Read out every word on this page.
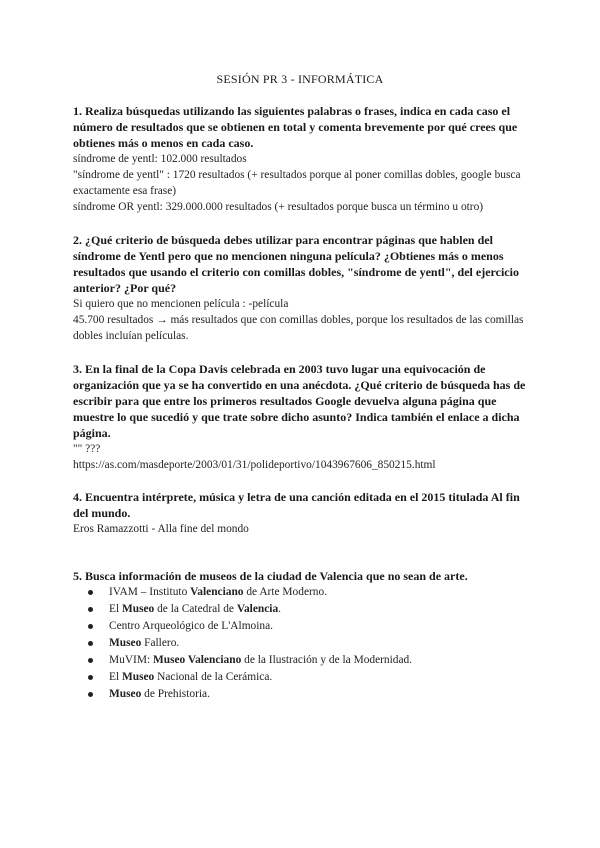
SESIÓN PR 3 - INFORMÁTICA

1. Realiza búsquedas utilizando las siguientes palabras o frases, indica en cada caso el número de resultados que se obtienen en total y comenta brevemente por qué crees que obtienes más o menos en cada caso.

síndrome de yentl: 102.000 resultados

"síndrome de yentl" : 1720 resultados (+ resultados porque al poner comillas dobles, google busca exactamente esa frase)

síndrome OR yentl: 329.000.000 resultados (+ resultados porque busca un término u otro)

2. ¿Qué criterio de búsqueda debes utilizar para encontrar páginas que hablen del síndrome de Yentl pero que no mencionen ninguna película? ¿Obtienes más o menos resultados que usando el criterio con comillas dobles, "síndrome de yentl", del ejercicio anterior? ¿Por qué?

Si quiero que no mencionen película : -película

45.700 resultados → más resultados que con comillas dobles, porque los resultados de las comillas dobles incluían películas.

3. En la final de la Copa Davis celebrada en 2003 tuvo lugar una equivocación de organización que ya se ha convertido en una anécdota. ¿Qué criterio de búsqueda has de escribir para que entre los primeros resultados Google devuelva alguna página que muestre lo que sucedió y que trate sobre dicho asunto? Indica también el enlace a dicha página.

"" ???

https://as.com/masdeporte/2003/01/31/polideportivo/1043967606_850215.html

4. Encuentra intérprete, música y letra de una canción editada en el 2015 titulada Al fin del mundo.

Eros Ramazzotti - Alla fine del mondo

5. Busca información de museos de la ciudad de Valencia que no sean de arte.

IVAM – Instituto Valenciano de Arte Moderno.
El Museo de la Catedral de Valencia.
Centro Arqueológico de L'Almoina.
Museo Fallero.
MuVIM: Museo Valenciano de la Ilustración y de la Modernidad.
El Museo Nacional de la Cerámica.
Museo de Prehistoria.
